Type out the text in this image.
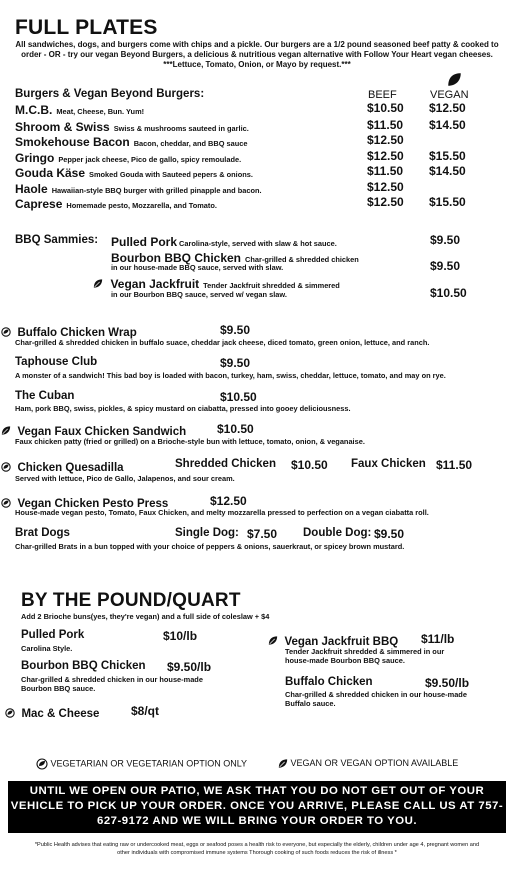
FULL PLATES
All sandwiches, dogs, and burgers come with chips and a pickle. Our burgers are a 1/2 pound seasoned beef patty & cooked to order - OR - try our vegan Beyond Burgers, a delicious & nutritious vegan alternative with Follow Your Heart vegan cheeses.
***Lettuce, Tomato, Onion, or Mayo by request.***
Burgers & Vegan Beyond Burgers:	BEEF	VEGAN
M.C.B. Meat, Cheese, Bun. Yum!	$10.50 $12.50
Shroom & Swiss Swiss & mushrooms sauteed in garlic.	$11.50 $14.50
Smokehouse Bacon Bacon, cheddar, and BBQ sauce	$12.50
Gringo Pepper jack cheese, Pico de gallo, spicy remoulade.	$12.50 $15.50
Gouda Käse Smoked Gouda with Sauteed pepers & onions.	$11.50 $14.50
Haole Hawaiian-style BBQ burger with grilled pinapple and bacon.	$12.50
Caprese Homemade pesto, Mozzarella, and Tomato.	$12.50 $15.50
BBQ Sammies: Pulled Pork Carolina-style, served with slaw & hot sauce.	$9.50
Bourbon BBQ Chicken Char-grilled & shredded chicken
in our house-made BBQ sauce, served with slaw.	$9.50
Vegan Jackfruit Tender Jackfruit shredded & simmered
in our Bourbon BBQ sauce, served w/ vegan slaw.	$10.50
Buffalo Chicken Wrap	$9.50
Char-grilled & shredded chicken in buffalo suace, cheddar jack cheese, diced tomato, green onion, lettuce, and ranch.
Taphouse Club	$9.50
A monster of a sandwich! This bad boy is loaded with bacon, turkey, ham, swiss, cheddar, lettuce, tomato, and may on rye.
The Cuban	$10.50
Ham, pork BBQ, swiss, pickles, & spicy mustard on ciabatta, pressed into gooey deliciousness.
Vegan Faux Chicken Sandwich	$10.50
Faux chicken patty (fried or grilled) on a Brioche-style bun with lettuce, tomato, onion, & veganaise.
Chicken Quesadilla	Shredded Chicken $10.50 Faux Chicken $11.50
Served with lettuce, Pico de Gallo, Jalapenos, and sour cream.
Vegan Chicken Pesto Press	$12.50
House-made vegan pesto, Tomato, Faux Chicken, and melty mozzarella pressed to perfection on a vegan ciabatta roll.
Brat Dogs	Single Dog: $7.50 Double Dog: $9.50
Char-grilled Brats in a bun topped with your choice of peppers & onions, sauerkraut, or spicey brown mustard.
BY THE POUND/QUART
Add 2 Brioche buns(yes, they're vegan) and a full side of coleslaw + $4
Pulled Pork	$10/lb
Carolina Style.
Bourbon BBQ Chicken $9.50/lb
Char-grilled & shredded chicken in our house-made
Bourbon BBQ sauce.
Mac & Cheese	$8/qt
Vegan Jackfruit BBQ $11/lb
Tender Jackfruit shredded & simmered in our
house-made Bourbon BBQ sauce.
Buffalo Chicken	$9.50/lb
Char-grilled & shredded chicken in our house-made
Buffalo sauce.
VEGETARIAN OR VEGETARIAN OPTION ONLY	VEGAN OR VEGAN OPTION AVAILABLE
UNTIL WE OPEN OUR PATIO, WE ASK THAT YOU DO NOT GET OUT OF YOUR VEHICLE TO PICK UP YOUR ORDER. ONCE YOU ARRIVE, PLEASE CALL US AT 757-627-9172 AND WE WILL BRING YOUR ORDER TO YOU.
*Public Health advises that eating raw or undercooked meat, eggs or seafood poses a health risk to everyone, but especially the elderly, children under age 4, pregnant women and other individuals with compromised immune systems Thorough cooking of such foods reduces the risk of illness *
